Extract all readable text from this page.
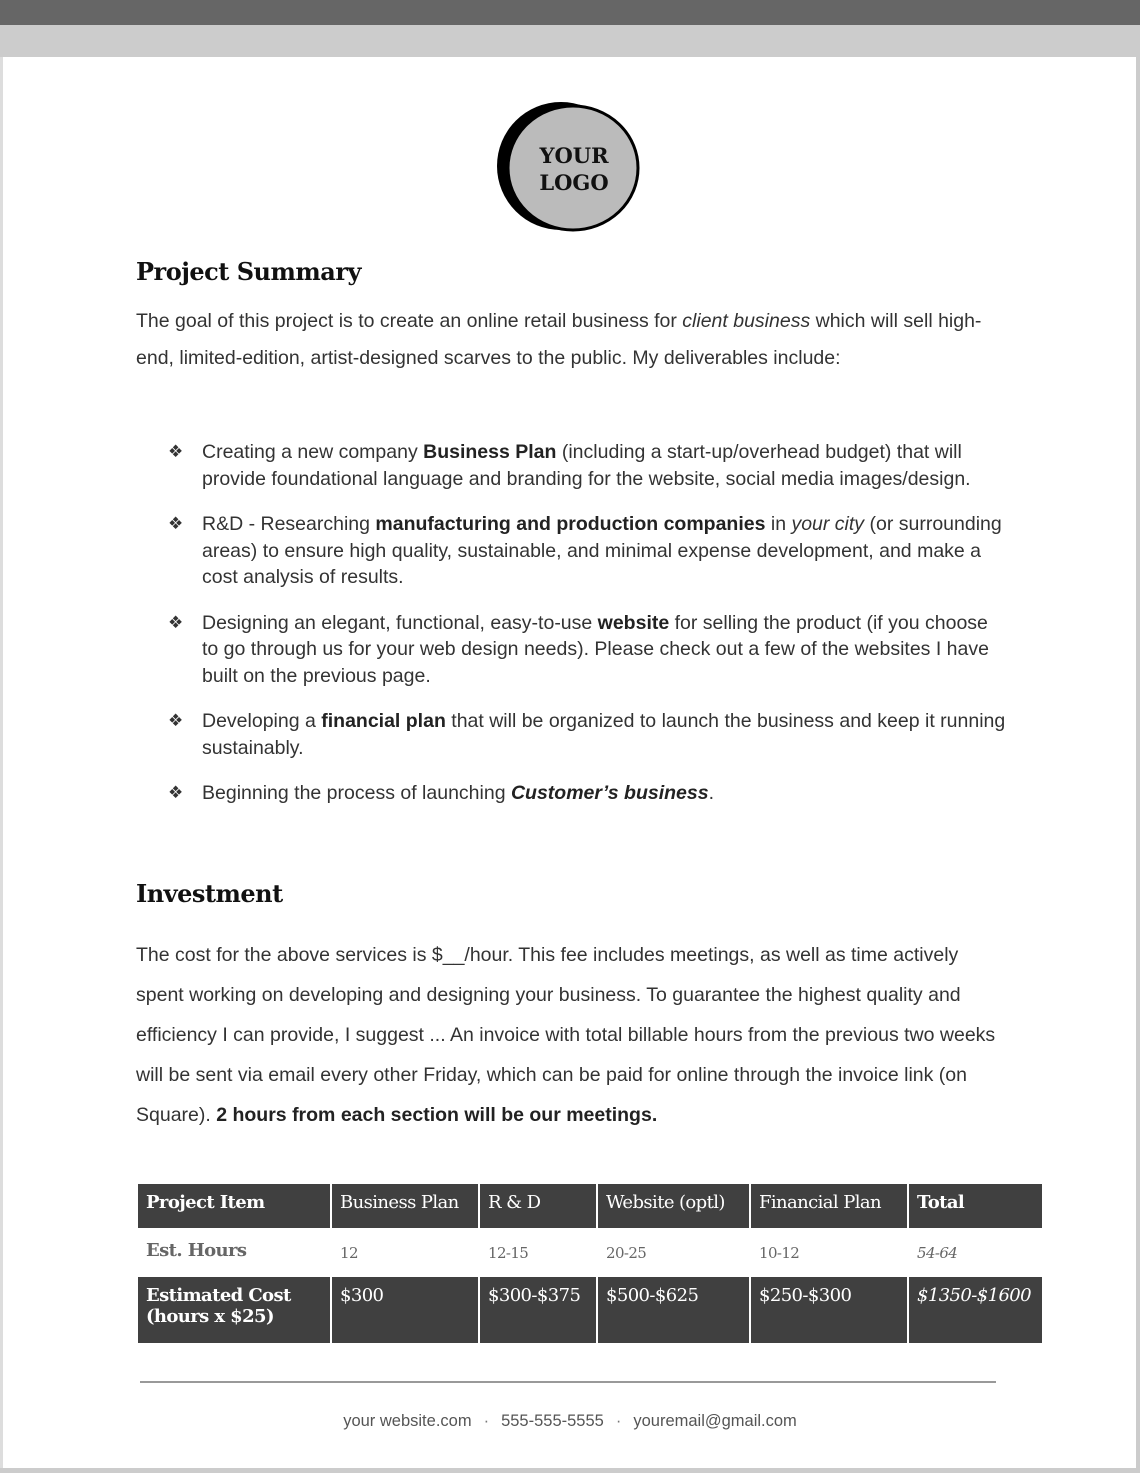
YOUR
LOGO
Project Summary
The goal of this project is to create an online retail business for client business which will sell high-end, limited-edition, artist-designed scarves to the public. My deliverables include:
❖ Creating a new company Business Plan (including a start-up/overhead budget) that will provide foundational language and branding for the website, social media images/design.
❖ R&D - Researching manufacturing and production companies in your city (or surrounding areas) to ensure high quality, sustainable, and minimal expense development, and make a cost analysis of results.
❖ Designing an elegant, functional, easy-to-use website for selling the product (if you choose to go through us for your web design needs). Please check out a few of the websites I have built on the previous page.
❖ Developing a financial plan that will be organized to launch the business and keep it running sustainably.
❖ Beginning the process of launching Customer’s business.
Investment
The cost for the above services is $__/hour. This fee includes meetings, as well as time actively spent working on developing and designing your business. To guarantee the highest quality and efficiency I can provide, I suggest ... An invoice with total billable hours from the previous two weeks will be sent via email every other Friday, which can be paid for online through the invoice link (on Square). 2 hours from each section will be our meetings.
Project Item	Business Plan	R & D	Website (optl)	Financial Plan	Total
Est. Hours	12	12-15	20-25	10-12	54-64
Estimated Cost (hours x $25)	$300	$300-$375	$500-$625	$250-$300	$1350-$1600
your website.com · 555-555-5555 · youremail@gmail.com
